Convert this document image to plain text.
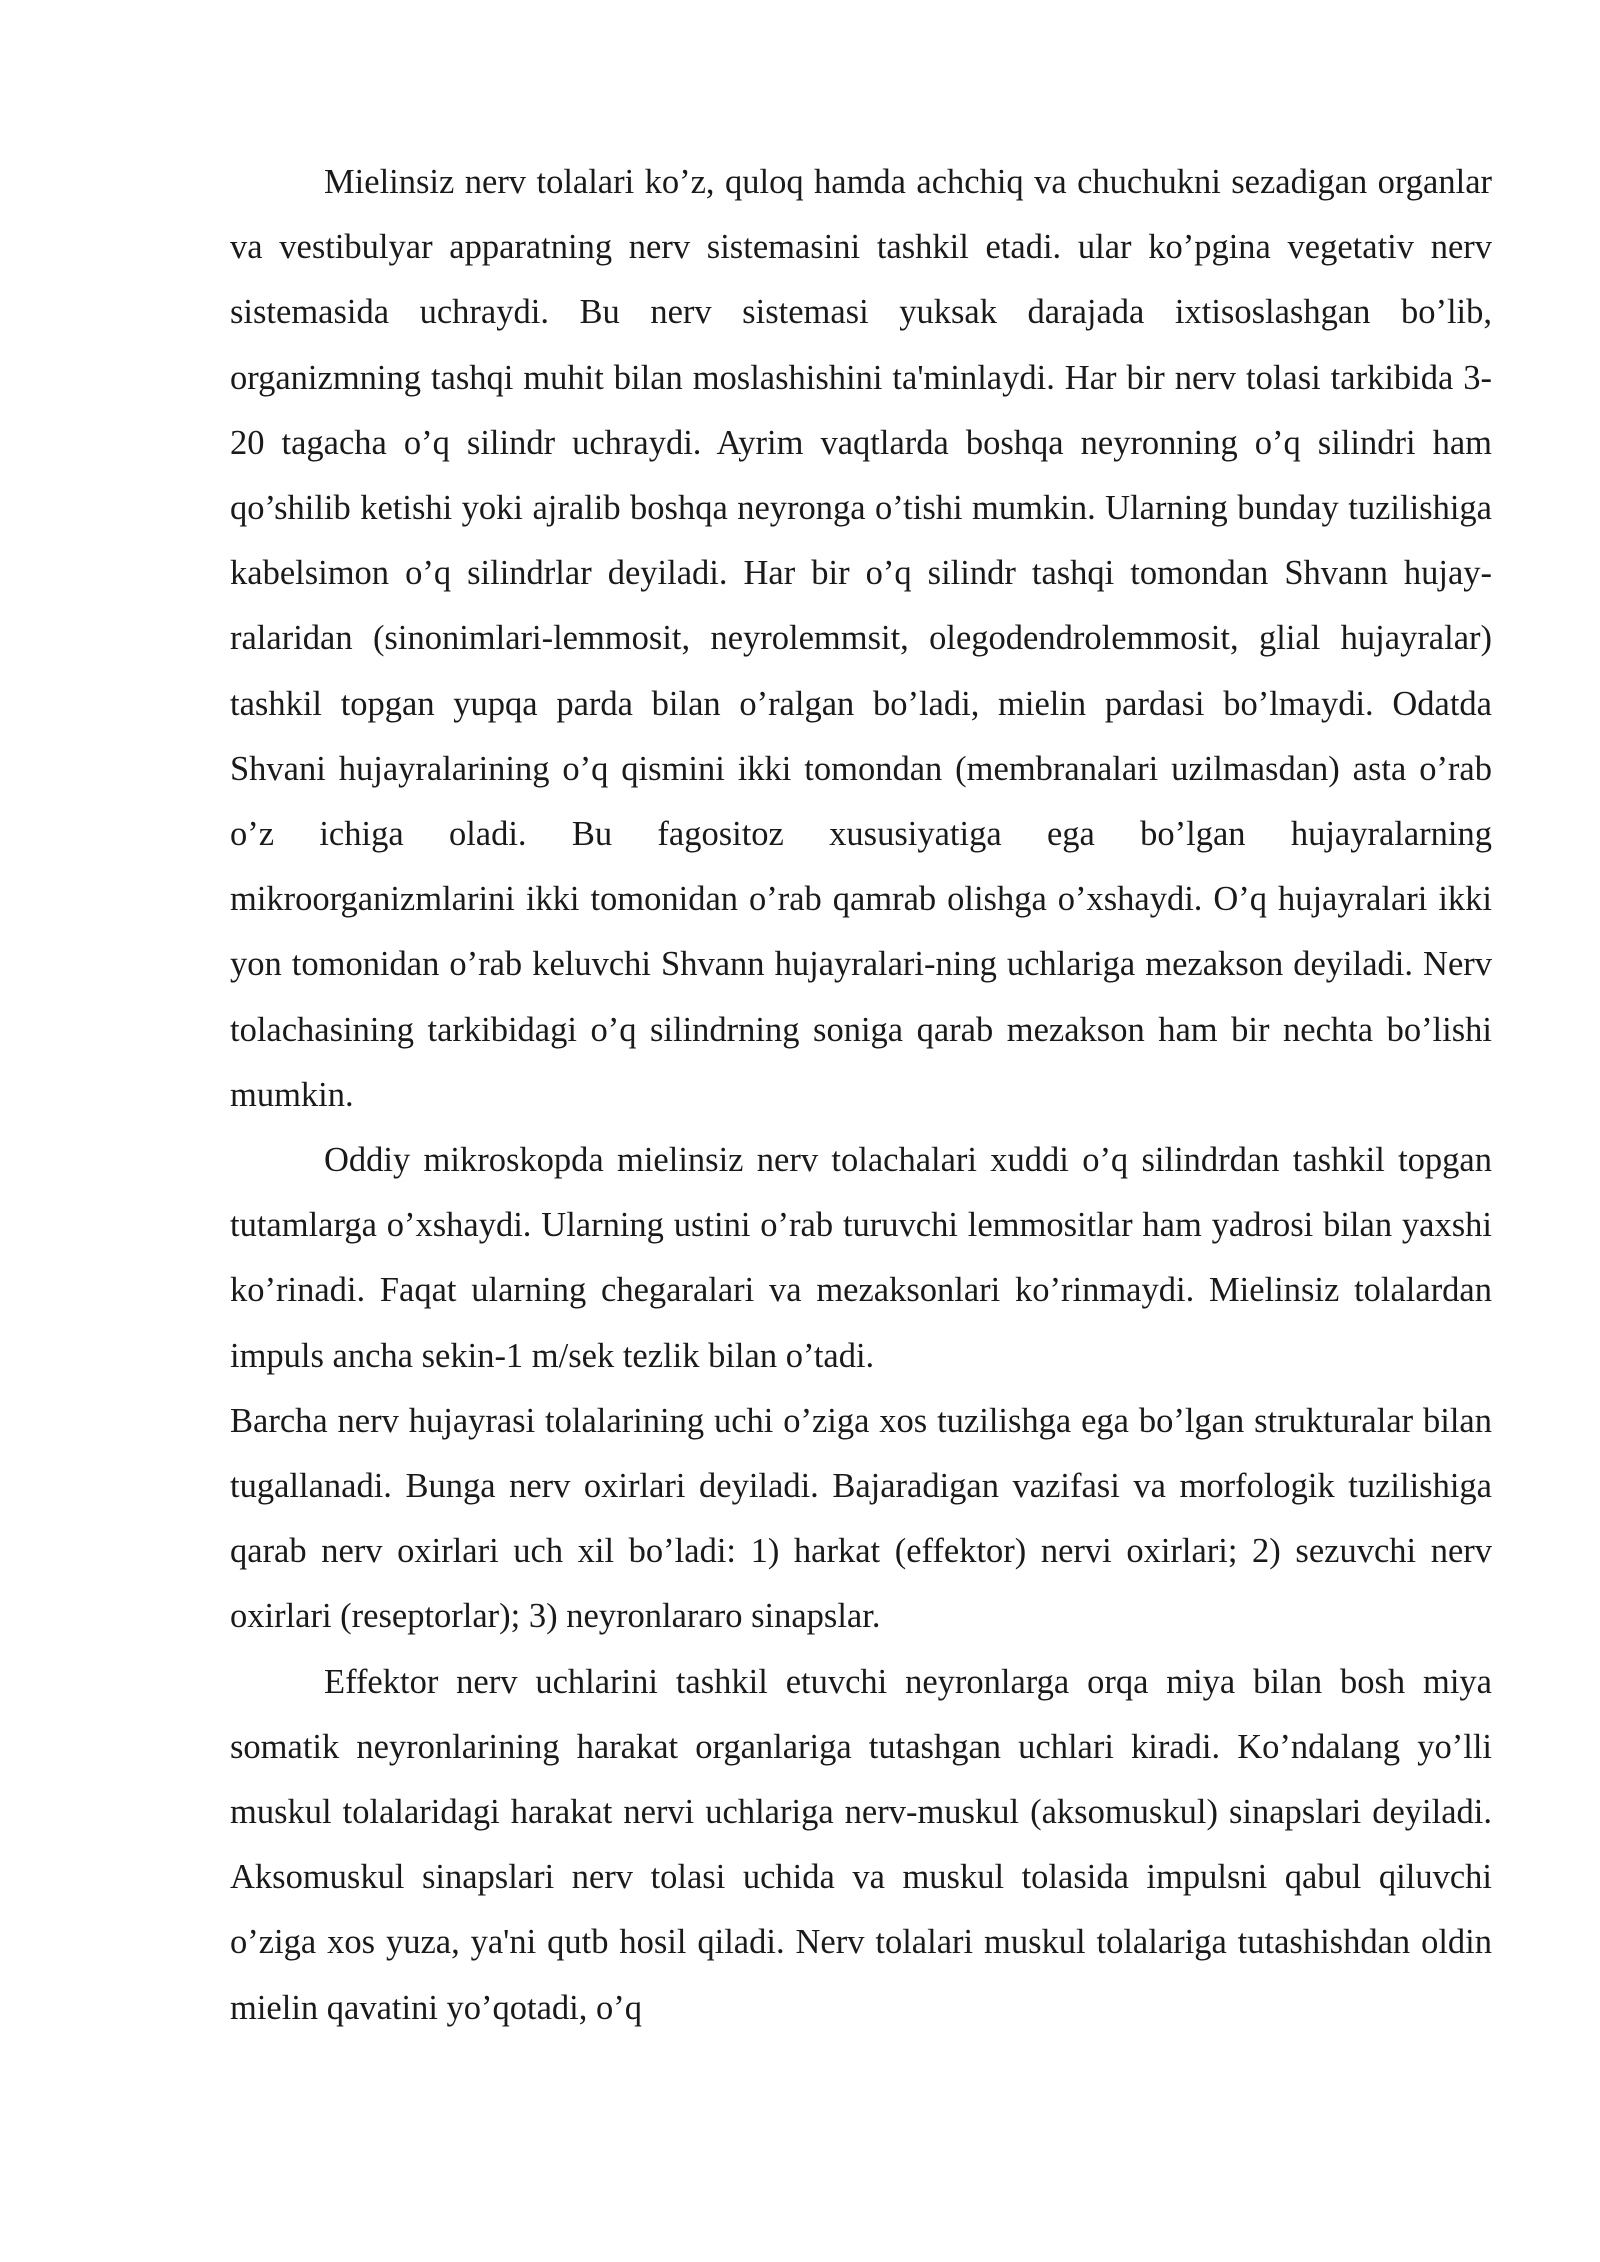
Mielinsiz nerv tolalari ko’z, quloq hamda achchiq va chuchukni sezadigan organlar va vestibulyar apparatning nerv sistemasini tashkil etadi. ular ko’pgina vegetativ nerv sistemasida uchraydi. Bu nerv sistemasi yuksak darajada ixtisoslashgan bo’lib, organizmning tashqi muhit bilan moslashishini ta'minlaydi. Har bir nerv tolasi tarkibida 3-20 tagacha o’q silindr uchraydi. Ayrim vaqtlarda boshqa neyronning o’q silindri ham qo’shilib ketishi yoki ajralib boshqa neyronga o’tishi mumkin. Ularning bunday tuzilishiga kabelsimon o’q silindrlar deyiladi. Har bir o’q silindr tashqi tomondan Shvann hujay-ralaridan (sinonimlari-lemmosit, neyrolemmsit, olegodendrolemmosit, glial hujayralar) tashkil topgan yupqa parda bilan o’ralgan bo’ladi, mielin pardasi bo’lmaydi. Odatda Shvani hujayralarining o’q qismini ikki tomondan (membranalari uzilmasdan) asta o’rab o’z ichiga oladi. Bu fagositoz xususiyatiga ega bo’lgan hujayralarning mikroorganizmlarini ikki tomonidan o’rab qamrab olishga o’xshaydi. O’q hujayralari ikki yon tomonidan o’rab keluvchi Shvann hujayralari-ning uchlariga mezakson deyiladi. Nerv tolachasining tarkibidagi o’q silindrning soniga qarab mezakson ham bir nechta bo’lishi mumkin.

Oddiy mikroskopda mielinsiz nerv tolachalari xuddi o’q silindrdan tashkil topgan tutamlarga o’xshaydi. Ularning ustini o’rab turuvchi lemmositlar ham yadrosi bilan yaxshi ko’rinadi. Faqat ularning chegaralari va mezaksonlari ko’rinmaydi. Mielinsiz tolalardan impuls ancha sekin-1 m/sek tezlik bilan o’tadi.

Barcha nerv hujayrasi tolalarining uchi o’ziga xos tuzilishga ega bo’lgan strukturalar bilan tugallanadi. Bunga nerv oxirlari deyiladi. Bajaradigan vazifasi va morfologik tuzilishiga qarab nerv oxirlari uch xil bo’ladi: 1) harkat (effektor) nervi oxirlari; 2) sezuvchi nerv oxirlari (reseptorlar); 3) neyronlararo sinapslar.

Effektor nerv uchlarini tashkil etuvchi neyronlarga orqa miya bilan bosh miya somatik neyronlarining harakat organlariga tutashgan uchlari kiradi. Ko’ndalang yo’lli muskul tolalaridagi harakat nervi uchlariga nerv-muskul (aksomuskul) sinapslari deyiladi. Aksomuskul sinapslari nerv tolasi uchida va muskul tolasida impulsni qabul qiluvchi o’ziga xos yuza, ya'ni qutb hosil qiladi. Nerv tolalari muskul tolalariga tutashishdan oldin mielin qavatini yo’qotadi, o’q
